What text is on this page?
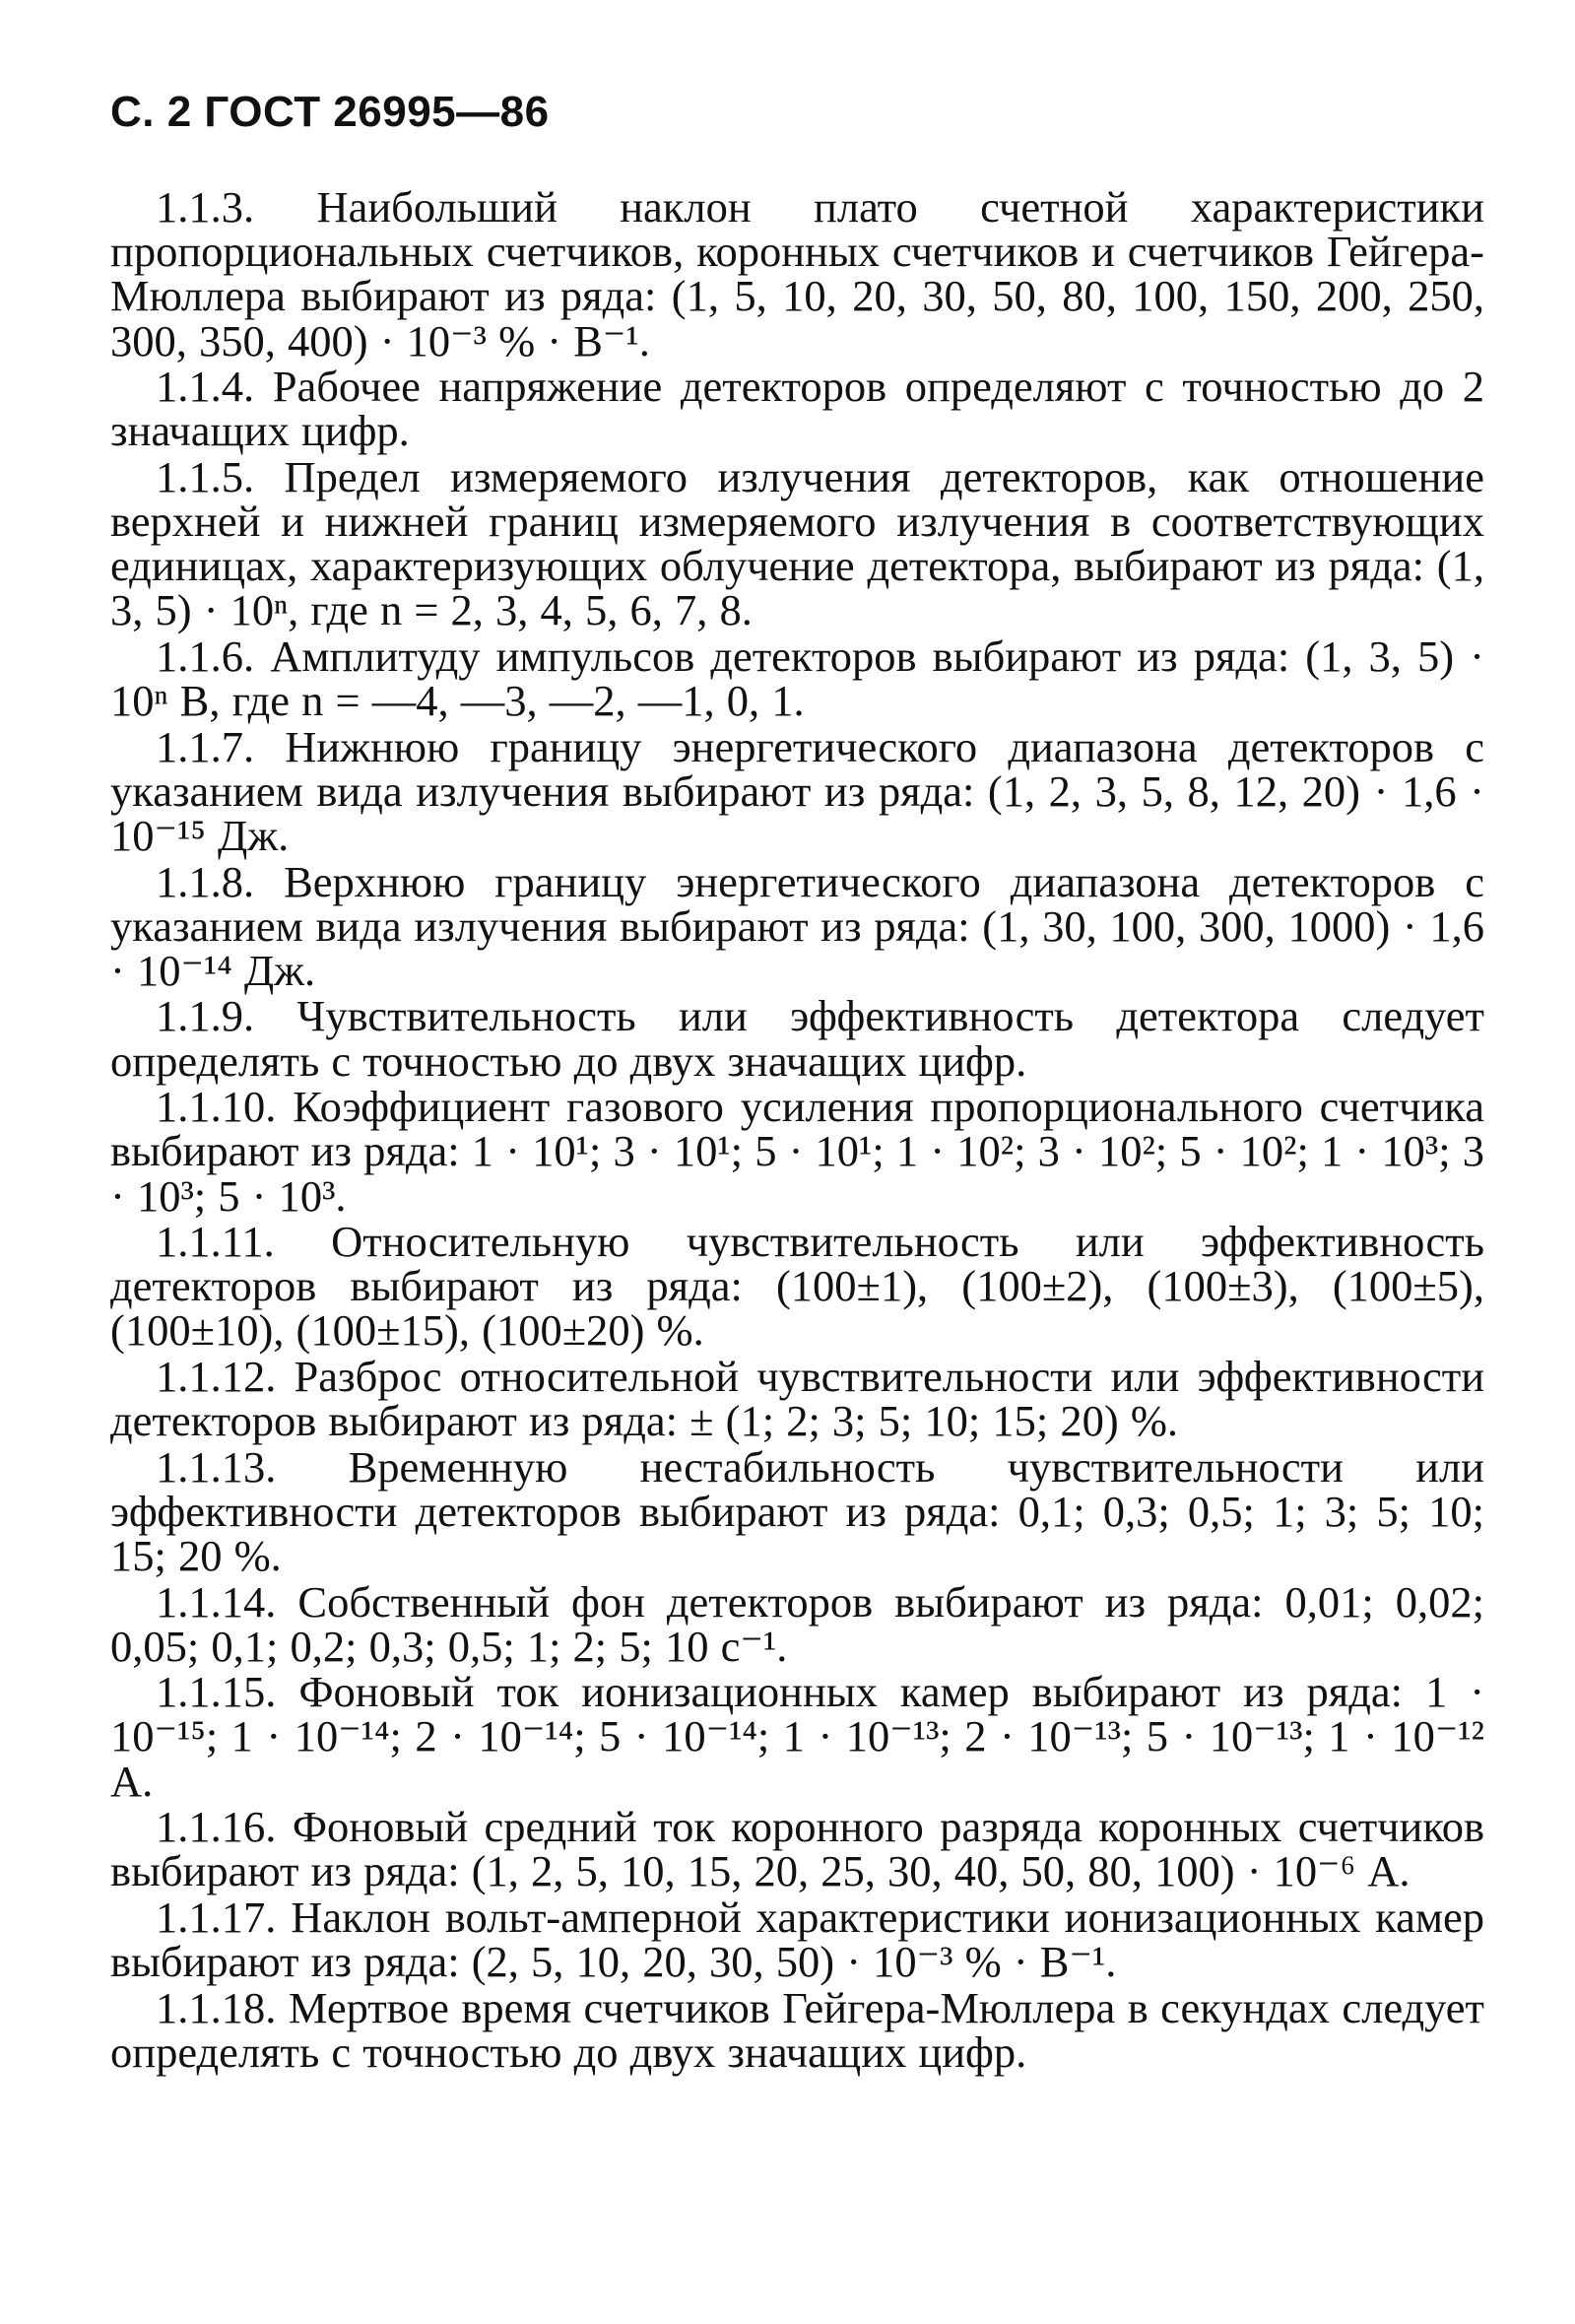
С. 2 ГОСТ 26995—86

1.1.3. Наибольший наклон плато счетной характеристики пропорциональных счетчиков, коронных счетчиков и счетчиков Гейгера-Мюллера выбирают из ряда: (1, 5, 10, 20, 30, 50, 80, 100, 150, 200, 250, 300, 350, 400) · 10⁻³ % · В⁻¹.

1.1.4. Рабочее напряжение детекторов определяют с точностью до 2 значащих цифр.

1.1.5. Предел измеряемого излучения детекторов, как отношение верхней и нижней границ измеряемого излучения в соответствующих единицах, характеризующих облучение детектора, выбирают из ряда: (1, 3, 5) · 10ⁿ, где n = 2, 3, 4, 5, 6, 7, 8.

1.1.6. Амплитуду импульсов детекторов выбирают из ряда: (1, 3, 5) · 10ⁿ В, где n = —4, —3, —2, —1, 0, 1.

1.1.7. Нижнюю границу энергетического диапазона детекторов с указанием вида излучения выбирают из ряда: (1, 2, 3, 5, 8, 12, 20) · 1,6 · 10⁻¹⁵ Дж.

1.1.8. Верхнюю границу энергетического диапазона детекторов с указанием вида излучения выбирают из ряда: (1, 30, 100, 300, 1000) · 1,6 · 10⁻¹⁴ Дж.

1.1.9. Чувствительность или эффективность детектора следует определять с точностью до двух значащих цифр.

1.1.10. Коэффициент газового усиления пропорционального счетчика выбирают из ряда: 1 · 10¹; 3 · 10¹; 5 · 10¹; 1 · 10²; 3 · 10²; 5 · 10²; 1 · 10³; 3 · 10³; 5 · 10³.

1.1.11. Относительную чувствительность или эффективность детекторов выбирают из ряда: (100±1), (100±2), (100±3), (100±5), (100±10), (100±15), (100±20) %.

1.1.12. Разброс относительной чувствительности или эффективности детекторов выбирают из ряда: ± (1; 2; 3; 5; 10; 15; 20) %.

1.1.13. Временную нестабильность чувствительности или эффективности детекторов выбирают из ряда: 0,1; 0,3; 0,5; 1; 3; 5; 10; 15; 20 %.

1.1.14. Собственный фон детекторов выбирают из ряда: 0,01; 0,02; 0,05; 0,1; 0,2; 0,3; 0,5; 1; 2; 5; 10 с⁻¹.

1.1.15. Фоновый ток ионизационных камер выбирают из ряда: 1 · 10⁻¹⁵; 1 · 10⁻¹⁴; 2 · 10⁻¹⁴; 5 · 10⁻¹⁴; 1 · 10⁻¹³; 2 · 10⁻¹³; 5 · 10⁻¹³; 1 · 10⁻¹² А.

1.1.16. Фоновый средний ток коронного разряда коронных счетчиков выбирают из ряда: (1, 2, 5, 10, 15, 20, 25, 30, 40, 50, 80, 100) · 10⁻⁶ А.

1.1.17. Наклон вольт-амперной характеристики ионизационных камер выбирают из ряда: (2, 5, 10, 20, 30, 50) · 10⁻³ % · В⁻¹.

1.1.18. Мертвое время счетчиков Гейгера-Мюллера в секундах следует определять с точностью до двух значащих цифр.
